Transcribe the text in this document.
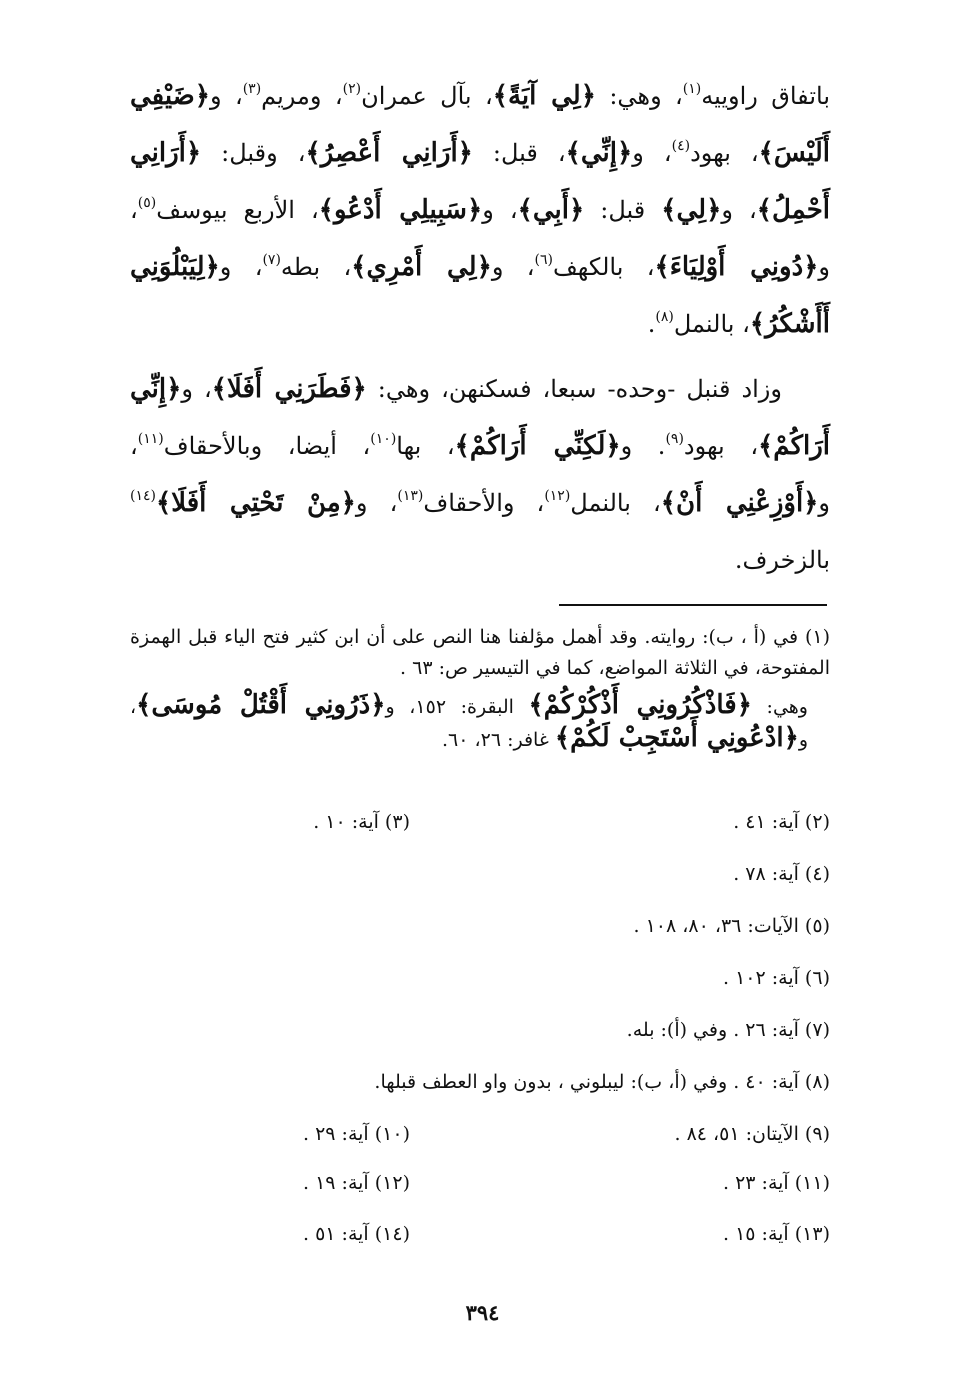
باتفاق راوييه$^{(١)}$، وهي: ﴿لِي آيَةً﴾، بآل عمران$^{(٢)}$، ومريم$^{(٣)}$، و﴿ضَيْفِي أَلَيْسَ﴾، بهود$^{(٤)}$، و﴿إِنِّي﴾، قبل: ﴿أَرَانِي أَعْصِرُ﴾، وقبل: ﴿أَرَانِي أَحْمِلُ﴾، و﴿لِي﴾ قبل: ﴿أَبِي﴾، و﴿سَبِيلِي أَدْعُو﴾، الأربع بيوسف$^{(٥)}$، و﴿دُونِي أَوْلِيَاءَ﴾، بالكهف$^{(٦)}$، و﴿لِي أَمْرِي﴾، بطه$^{(٧)}$، و﴿لِيَبْلُوَنِي أَأَشْكُرُ﴾، بالنمل$^{(٨)}$.

وزاد قنبل -وحده- سبعا، فسكنهن، وهي: ﴿فَطَرَنِي أَفَلَا﴾، و﴿إِنِّي أَرَاكُمْ﴾، بهود$^{(٩)}$. و﴿لَكِنِّي أَرَاكُمْ﴾، بها$^{(١٠)}$، أيضا، وبالأحقاف$^{(١١)}$، و﴿أَوْزِعْنِي أَنْ﴾، بالنمل$^{(١٢)}$، والأحقاف$^{(١٣)}$، و﴿مِنْ تَحْتِي أَفَلَا﴾$^{(١٤)}$ بالزخرف.

(١) في (أ ، ب): روايته. وقد أهمل مؤلفنا هنا النص على أن ابن كثير فتح الياء قبل الهمزة المفتوحة، في الثلاثة المواضع، كما في التيسير ص: ٦٣ .

وهي: ﴿فَاذْكُرُونِي أَذْكُرْكُمْ﴾ البقرة: ١٥٢، و﴿ذَرُونِي أَقْتُلْ مُوسَى﴾، و﴿ادْعُونِي أَسْتَجِبْ لَكُمْ﴾ غافر: ٢٦، ٦٠.

(٢) آية: ٤١ .
(٣) آية: ١٠ .
(٤) آية: ٧٨ .
(٥) الآيات: ٣٦، ٨٠، ١٠٨ .
(٦) آية: ١٠٢ .
(٧) آية: ٢٦ . وفي (أ): بله.
(٨) آية: ٤٠ . وفي (أ، ب): ليبلوني ، بدون واو العطف قبلها.
(٩) الآيتان: ٥١، ٨٤ .
(١٠) آية: ٢٩ .
(١١) آية: ٢٣ .
(١٢) آية: ١٩ .
(١٣) آية: ١٥ .
(١٤) آية: ٥١ .
٣٩٤
